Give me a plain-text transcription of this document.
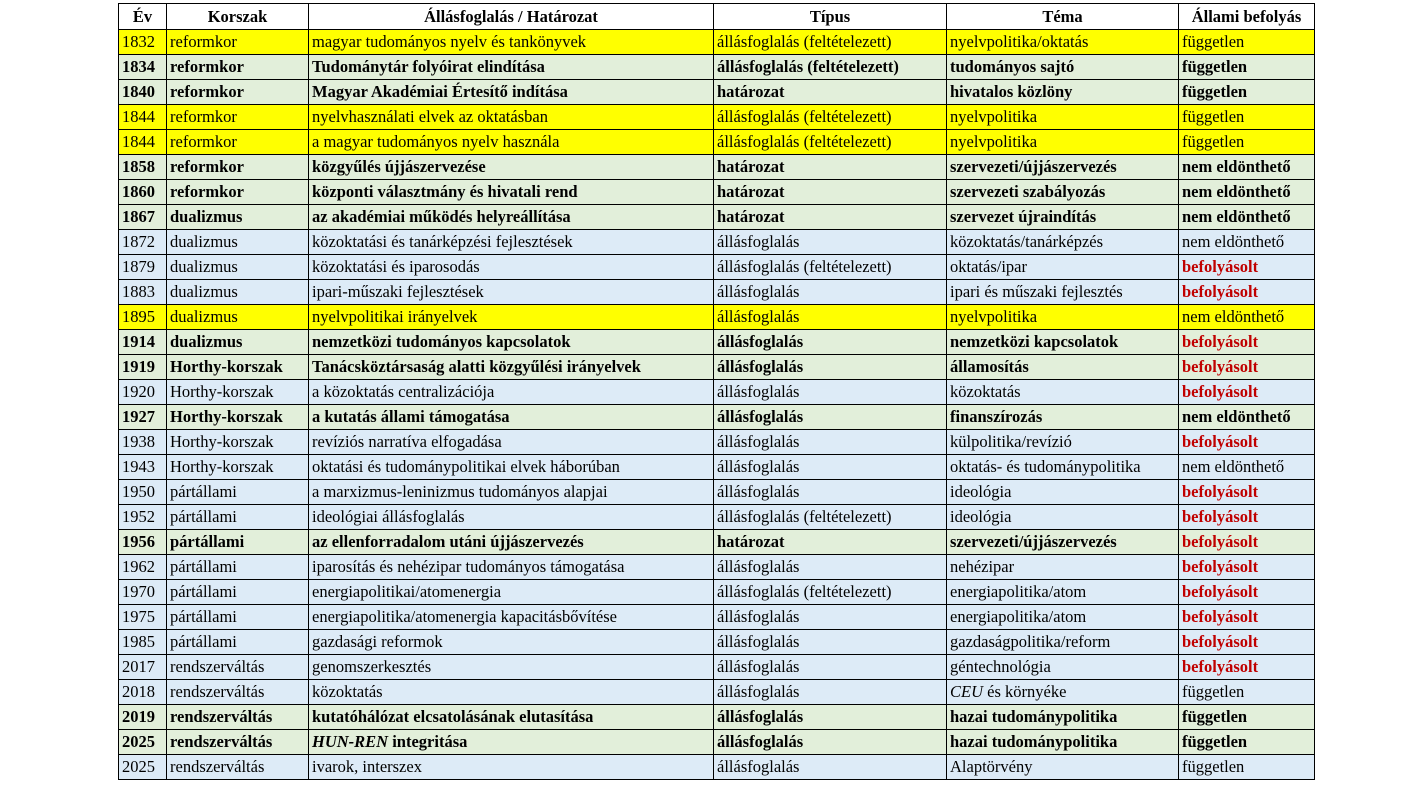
Év	Korszak	Állásfoglalás / Határozat	Típus	Téma	Állami befolyás
1832	reformkor	magyar tudományos nyelv és tankönyvek	állásfoglalás (feltételezett)	nyelvpolitika/oktatás	független
1834	reformkor	Tudománytár folyóirat elindítása	állásfoglalás (feltételezett)	tudományos sajtó	független
1840	reformkor	Magyar Akadémiai Értesítő indítása	határozat	hivatalos közlöny	független
1844	reformkor	nyelvhasználati elvek az oktatásban	állásfoglalás (feltételezett)	nyelvpolitika	független
1844	reformkor	a magyar tudományos nyelv használa	állásfoglalás (feltételezett)	nyelvpolitika	független
1858	reformkor	közgyűlés újjászervezése	határozat	szervezeti/újjászervezés	nem eldönthető
1860	reformkor	központi választmány és hivatali rend	határozat	szervezeti szabályozás	nem eldönthető
1867	dualizmus	az akadémiai működés helyreállítása	határozat	szervezet újraindítás	nem eldönthető
1872	dualizmus	közoktatási és tanárképzési fejlesztések	állásfoglalás	közoktatás/tanárképzés	nem eldönthető
1879	dualizmus	közoktatási és iparosodás	állásfoglalás (feltételezett)	oktatás/ipar	befolyásolt
1883	dualizmus	ipari-műszaki fejlesztések	állásfoglalás	ipari és műszaki fejlesztés	befolyásolt
1895	dualizmus	nyelvpolitikai irányelvek	állásfoglalás	nyelvpolitika	nem eldönthető
1914	dualizmus	nemzetközi tudományos kapcsolatok	állásfoglalás	nemzetközi kapcsolatok	befolyásolt
1919	Horthy-korszak	Tanácsköztársaság alatti közgyűlési irányelvek	állásfoglalás	államosítás	befolyásolt
1920	Horthy-korszak	a közoktatás centralizációja	állásfoglalás	közoktatás	befolyásolt
1927	Horthy-korszak	a kutatás állami támogatása	állásfoglalás	finanszírozás	nem eldönthető
1938	Horthy-korszak	revíziós narratíva elfogadása	állásfoglalás	külpolitika/revízió	befolyásolt
1943	Horthy-korszak	oktatási és tudománypolitikai elvek háborúban	állásfoglalás	oktatás- és tudománypolitika	nem eldönthető
1950	pártállami	a marxizmus-leninizmus tudományos alapjai	állásfoglalás	ideológia	befolyásolt
1952	pártállami	ideológiai állásfoglalás	állásfoglalás (feltételezett)	ideológia	befolyásolt
1956	pártállami	az ellenforradalom utáni újjászervezés	határozat	szervezeti/újjászervezés	befolyásolt
1962	pártállami	iparosítás és nehézipar tudományos támogatása	állásfoglalás	nehézipar	befolyásolt
1970	pártállami	energiapolitikai/atomenergia	állásfoglalás (feltételezett)	energiapolitika/atom	befolyásolt
1975	pártállami	energiapolitika/atomenergia kapacitásbővítése	állásfoglalás	energiapolitika/atom	befolyásolt
1985	pártállami	gazdasági reformok	állásfoglalás	gazdaságpolitika/reform	befolyásolt
2017	rendszerváltás	genomszerkesztés	állásfoglalás	géntechnológia	befolyásolt
2018	rendszerváltás	közoktatás	állásfoglalás	CEU és környéke	független
2019	rendszerváltás	kutatóhálózat elcsatolásának elutasítása	állásfoglalás	hazai tudománypolitika	független
2025	rendszerváltás	HUN-REN integritása	állásfoglalás	hazai tudománypolitika	független
2025	rendszerváltás	ivarok, interszex	állásfoglalás	Alaptörvény	független
